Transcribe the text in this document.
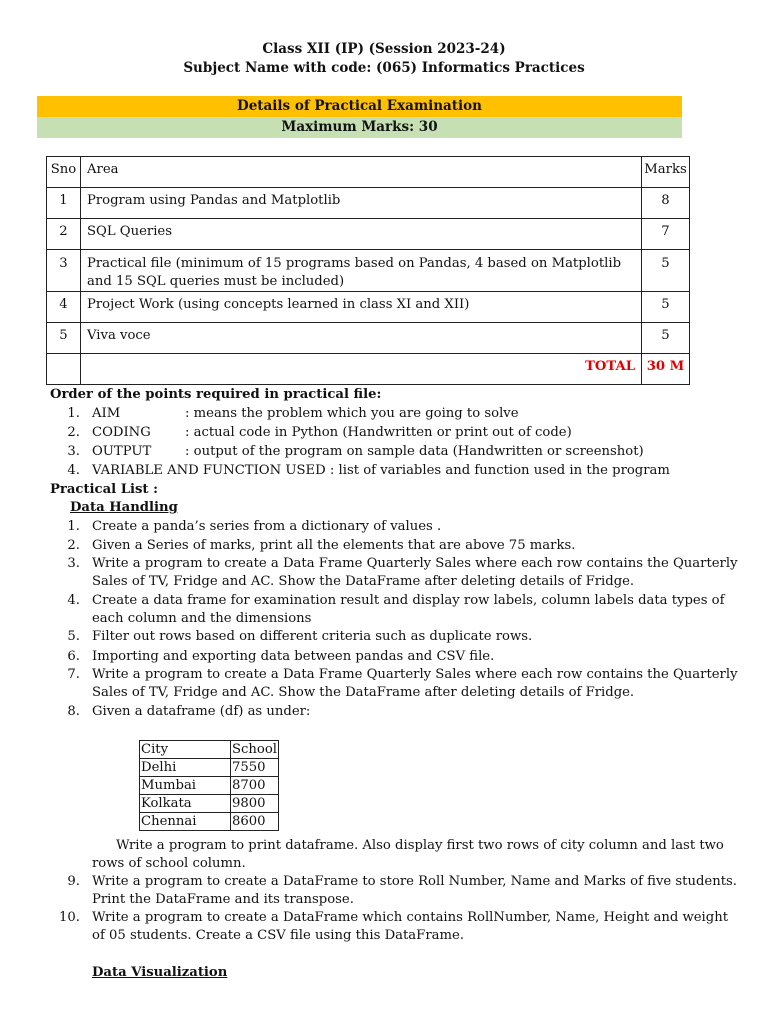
Class XII (IP) (Session 2023-24)
Subject Name with code: (065) Informatics Practices
Details of Practical Examination
Maximum Marks: 30
Sno	Area	Marks
1	Program using Pandas and Matplotlib	8
2	SQL Queries	7
3	Practical file (minimum of 15 programs based on Pandas, 4 based on Matplotlib and 15 SQL queries must be included)	5
4	Project Work (using concepts learned in class XI and XII)	5
5	Viva voce	5
	TOTAL	30 M
Order of the points required in practical file:
1. AIM	: means the problem which you are going to solve
2. CODING	: actual code in Python (Handwritten or print out of code)
3. OUTPUT	: output of the program on sample data (Handwritten or screenshot)
4. VARIABLE AND FUNCTION USED : list of variables and function used in the program
Practical List :
Data Handling
1. Create a panda’s series from a dictionary of values .
2. Given a Series of marks, print all the elements that are above 75 marks.
3. Write a program to create a Data Frame Quarterly Sales where each row contains the Quarterly
Sales of TV, Fridge and AC. Show the DataFrame after deleting details of Fridge.
4. Create a data frame for examination result and display row labels, column labels data types of
each column and the dimensions
5. Filter out rows based on different criteria such as duplicate rows.
6. Importing and exporting data between pandas and CSV file.
7. Write a program to create a Data Frame Quarterly Sales where each row contains the Quarterly
Sales of TV, Fridge and AC. Show the DataFrame after deleting details of Fridge.
8. Given a dataframe (df) as under:
City	School
Delhi	7550
Mumbai	8700
Kolkata	9800
Chennai	8600
Write a program to print dataframe. Also display first two rows of city column and last two
rows of school column.
9. Write a program to create a DataFrame to store Roll Number, Name and Marks of five students.
Print the DataFrame and its transpose.
10. Write a program to create a DataFrame which contains RollNumber, Name, Height and weight
of 05 students. Create a CSV file using this DataFrame.
Data Visualization
